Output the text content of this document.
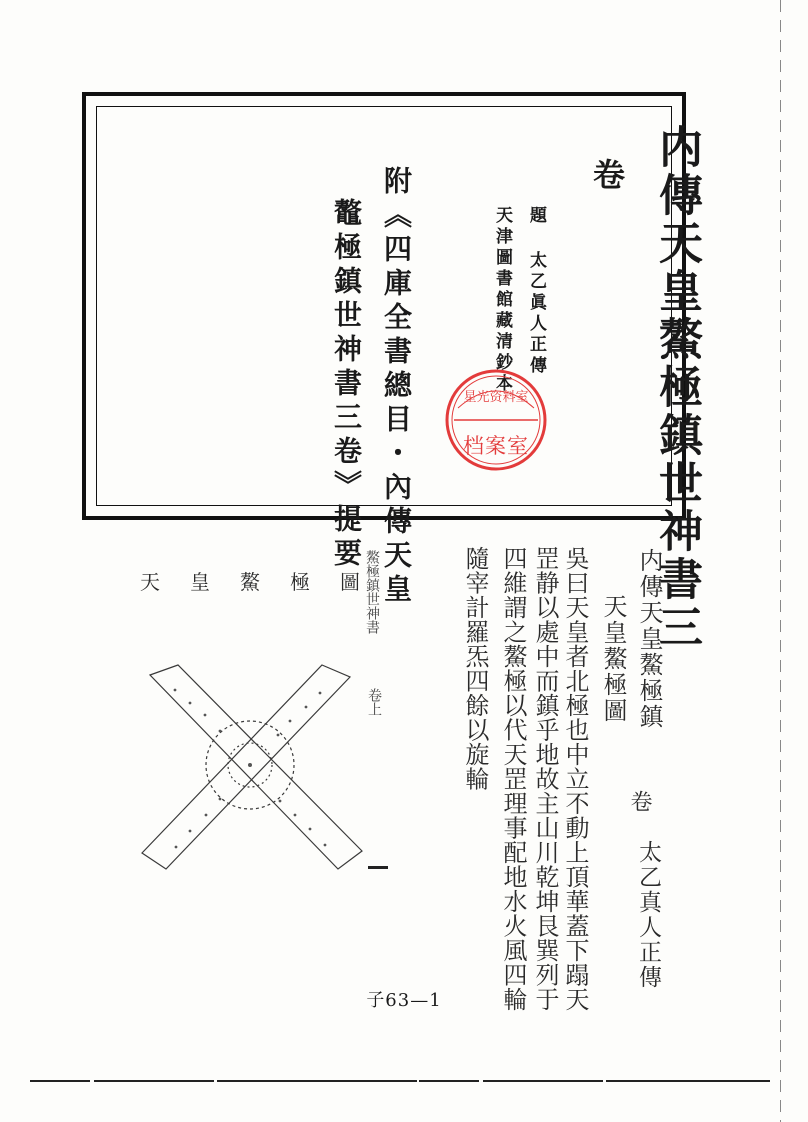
内傳天皇鰲極鎮世神書三
卷
題 太乙眞人正傳
天津圖書館藏清鈔本
附《四庫全書總目・內傳天皇
鼇極鎮世神書三卷》提要	星光资料室
档案室
内傳天皇鰲極鎮
卷
太乙真人正傳
天皇鰲極圖
吳曰天皇者北極也中立不動上頂華蓋下蹋天
罡静以處中而鎮乎地故主山川乾坤艮巽列于
四維謂之鰲極以代天罡理事配地水火風四輪
隨宰計羅炁四餘以旋輪
鰲極鎮世神書
卷上
天皇鰲極圖
子63—1
